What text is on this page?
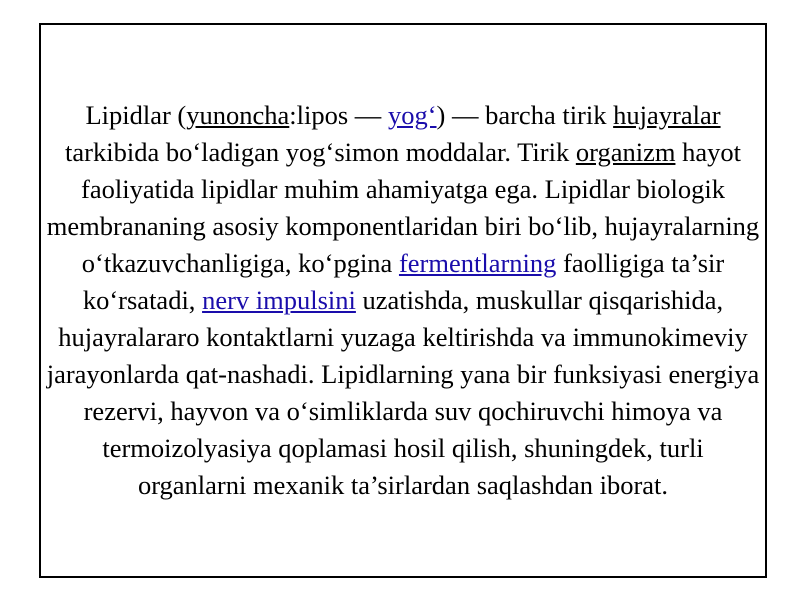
Lipidlar (yunoncha:lipos — yog‘) — barcha tirik hujayralar tarkibida bo‘ladigan yog‘simon moddalar. Tirik organizm hayot faoliyatida lipidlar muhim ahamiyatga ega. Lipidlar biologik membrananing asosiy komponentlaridan biri bo‘lib, hujayralarning o‘tkazuvchanligiga, ko‘pgina fermentlarning faolligiga ta’sir ko‘rsatadi, nerv impulsini uzatishda, muskullar qisqarishida, hujayralararo kontaktlarni yuzaga keltirishda va immunokimeviy jarayonlarda qat-nashadi. Lipidlarning yana bir funksiyasi energiya rezervi, hayvon va o‘simliklarda suv qochiruvchi himoya va termoizolyasiya qoplamasi hosil qilish, shuningdek, turli organlarni mexanik ta’sirlardan saqlashdan iborat.
